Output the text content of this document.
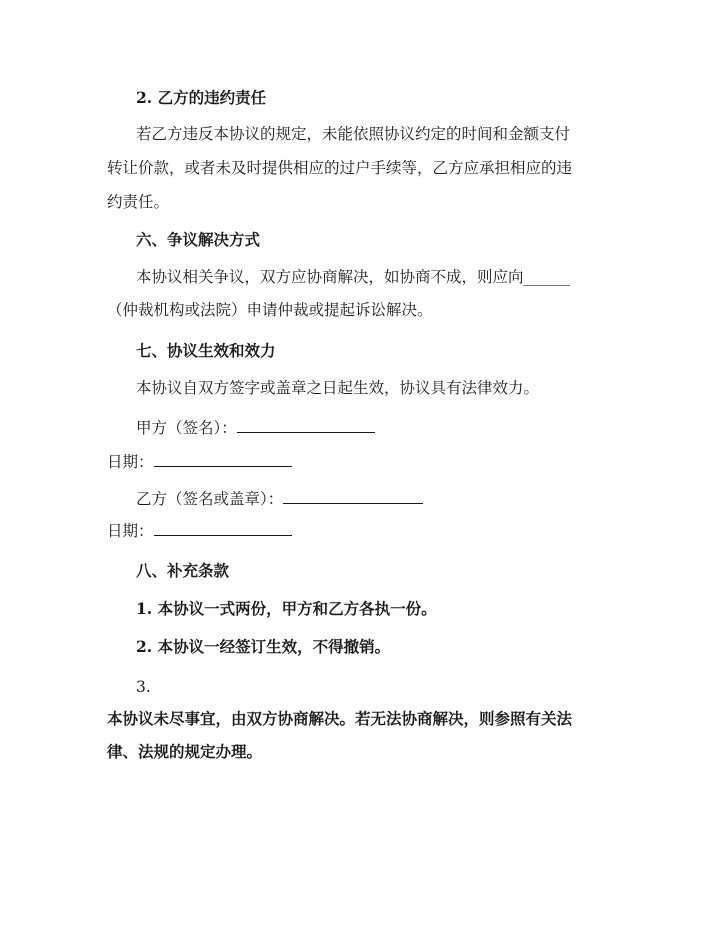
2. 乙方的违约责任
若乙方违反本协议的规定，未能依照协议约定的时间和金额支付
转让价款，或者未及时提供相应的过户手续等，乙方应承担相应的违
约责任。
六、争议解决方式
本协议相关争议，双方应协商解决，如协商不成，则应向______
（仲裁机构或法院）申请仲裁或提起诉讼解决。
七、协议生效和效力
本协议自双方签字或盖章之日起生效，协议具有法律效力。
甲方（签名）：
日期：
乙方（签名或盖章）：
日期：
八、补充条款
1. 本协议一式两份，甲方和乙方各执一份。
2. 本协议一经签订生效，不得撤销。
3.
本协议未尽事宜，由双方协商解决。若无法协商解决，则参照有关法
律、法规的规定办理。
